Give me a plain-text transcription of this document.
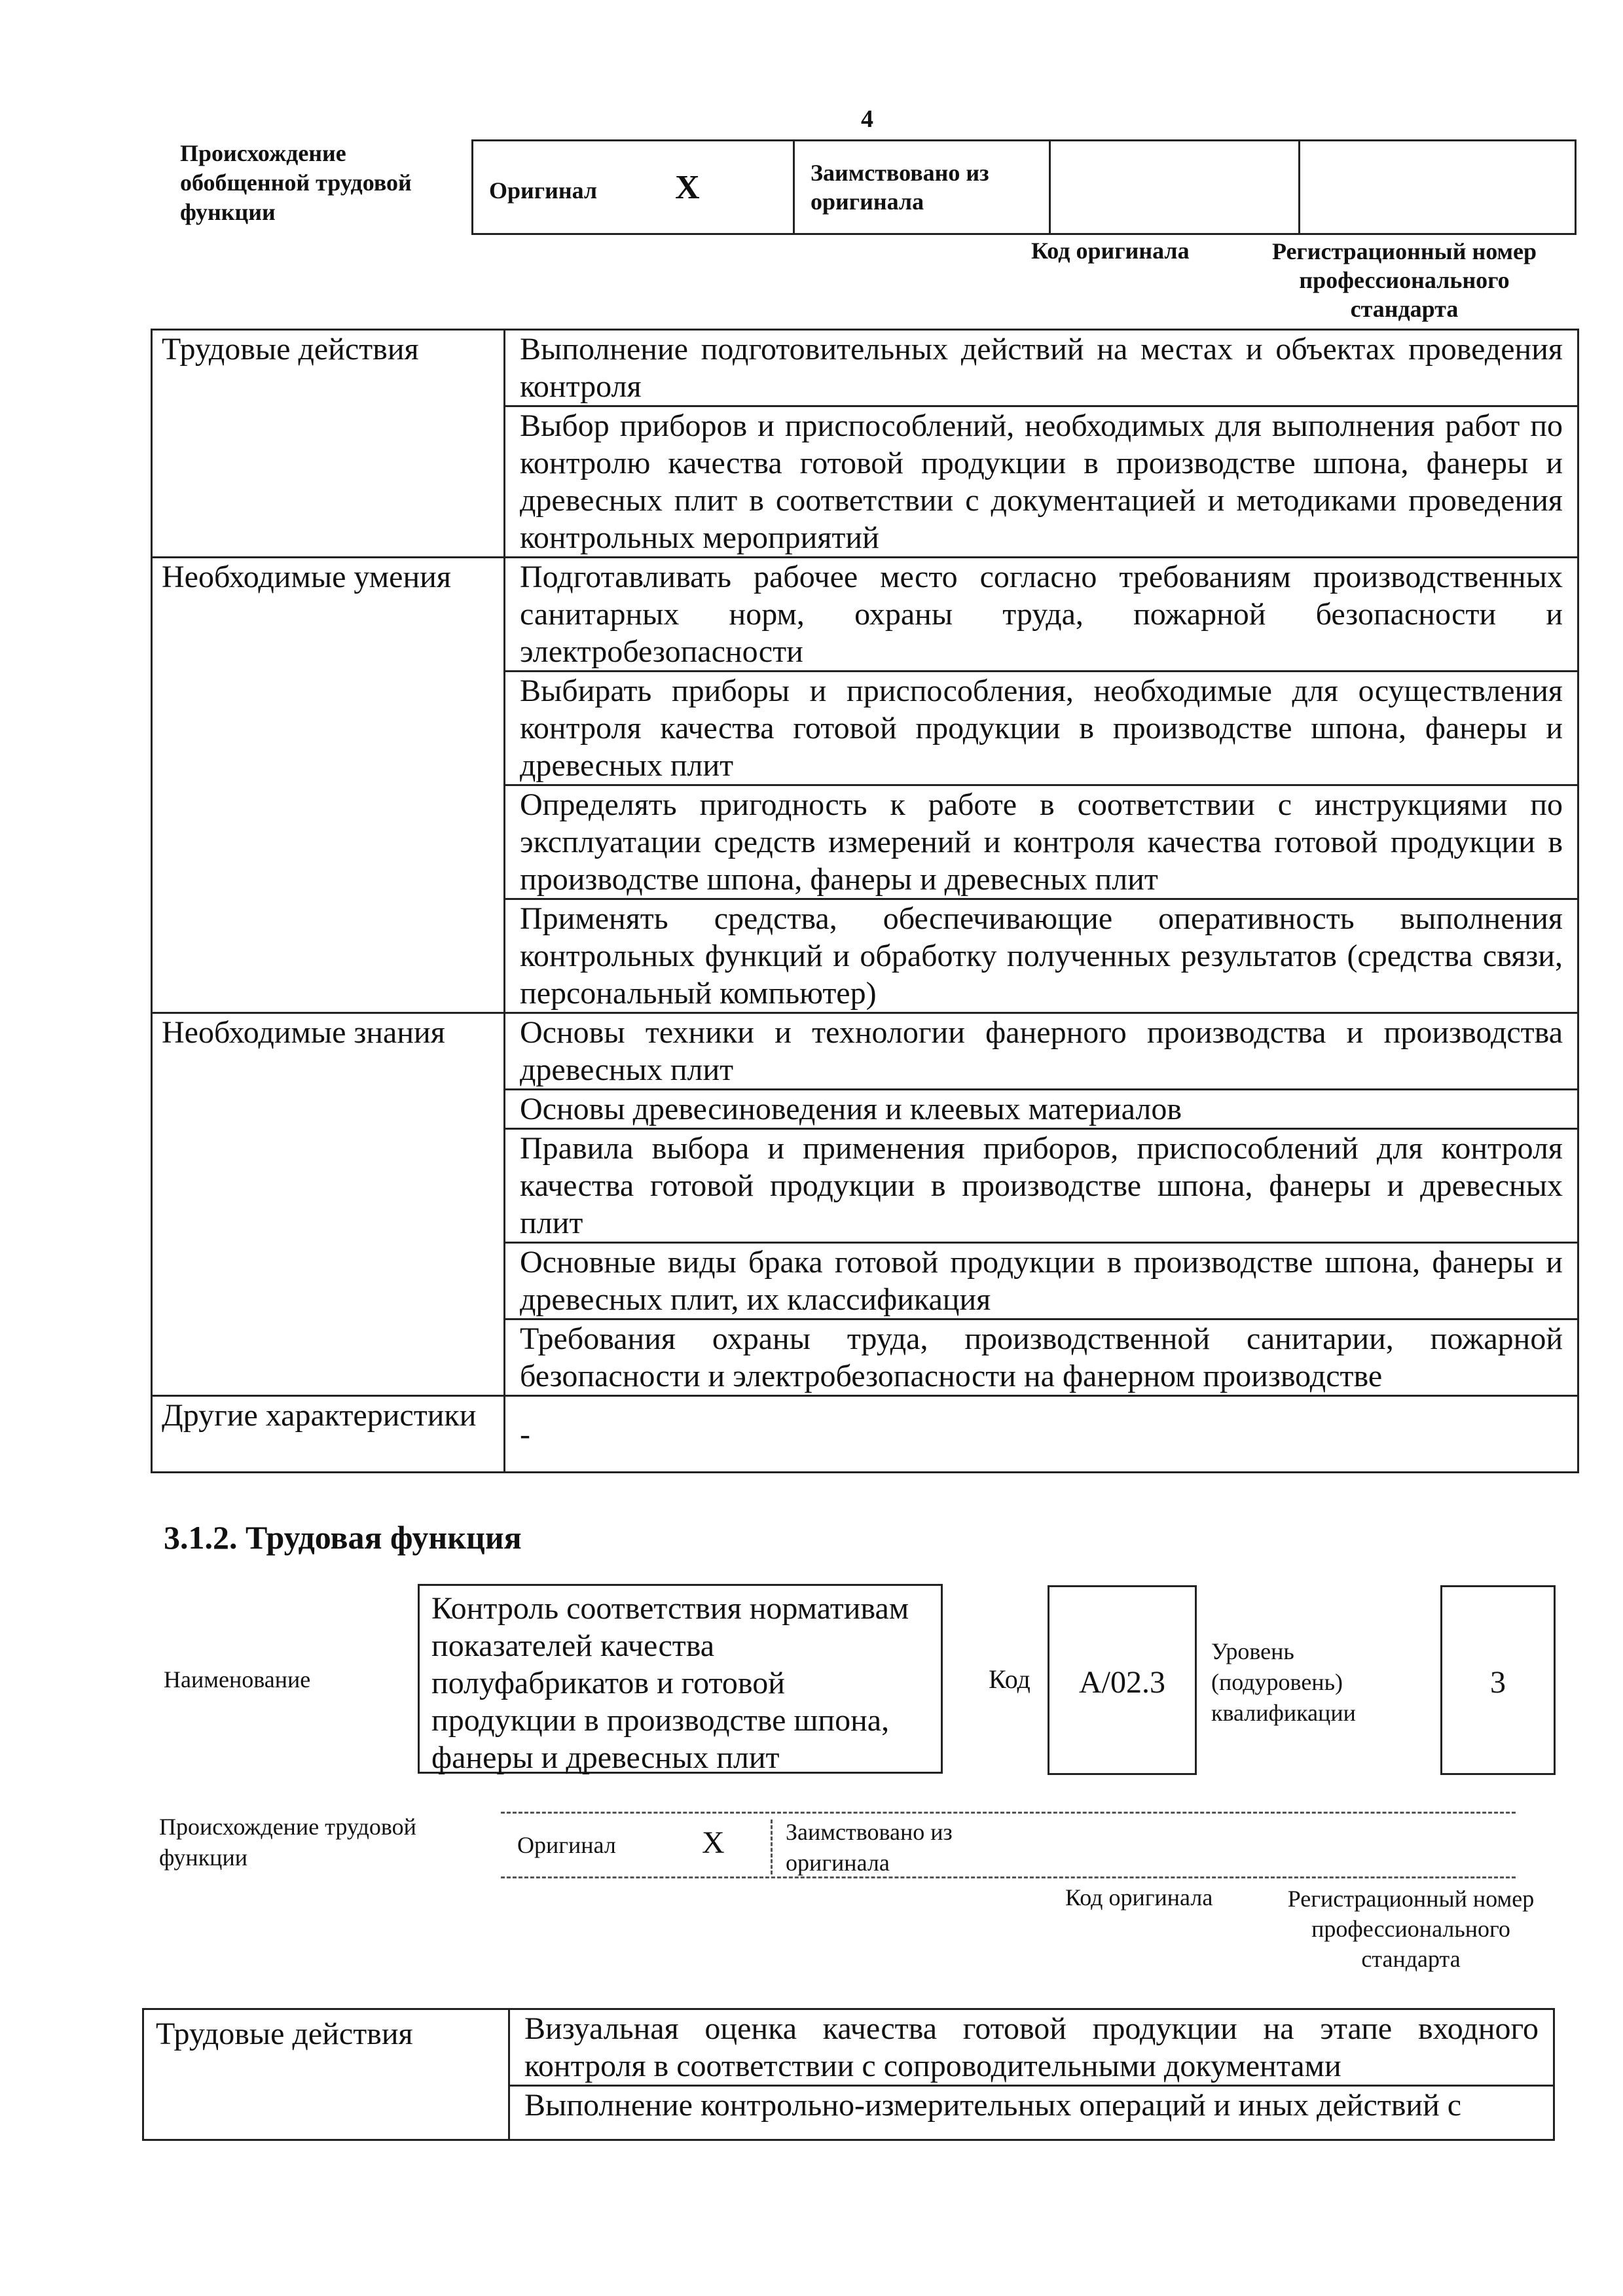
4
Происхождение обобщенной трудовой функции
Оригинал X	Заимствовано из оригинала		
Код оригинала	Регистрационный номер профессионального стандарта
Трудовые действия	Выполнение подготовительных действий на местах и объектах проведения контроля
	Выбор приборов и приспособлений, необходимых для выполнения работ по контролю качества готовой продукции в производстве шпона, фанеры и древесных плит в соответствии с документацией и методиками проведения контрольных мероприятий
Необходимые умения	Подготавливать рабочее место согласно требованиям производственных санитарных норм, охраны труда, пожарной безопасности и электробезопасности
	Выбирать приборы и приспособления, необходимые для осуществления контроля качества готовой продукции в производстве шпона, фанеры и древесных плит
	Определять пригодность к работе в соответствии с инструкциями по эксплуатации средств измерений и контроля качества готовой продукции в производстве шпона, фанеры и древесных плит
	Применять средства, обеспечивающие оперативность выполнения контрольных функций и обработку полученных результатов (средства связи, персональный компьютер)
Необходимые знания	Основы техники и технологии фанерного производства и производства древесных плит
	Основы древесиноведения и клеевых материалов
	Правила выбора и применения приборов, приспособлений для контроля качества готовой продукции в производстве шпона, фанеры и древесных плит
	Основные виды брака готовой продукции в производстве шпона, фанеры и древесных плит, их классификация
	Требования охраны труда, производственной санитарии, пожарной безопасности и электробезопасности на фанерном производстве
Другие характеристики	-
3.1.2. Трудовая функция
Наименование
Контроль соответствия нормативам показателей качества полуфабрикатов и готовой продукции в производстве шпона, фанеры и древесных плит
Код	A/02.3
Уровень (подуровень) квалификации
3
Происхождение трудовой функции	Оригинал	X	Заимствовано из оригинала
Код оригинала	Регистрационный номер профессионального стандарта
Трудовые действия	Визуальная оценка качества готовой продукции на этапе входного контроля в соответствии с сопроводительными документами
Выполнение контрольно-измерительных операций и иных действий с
